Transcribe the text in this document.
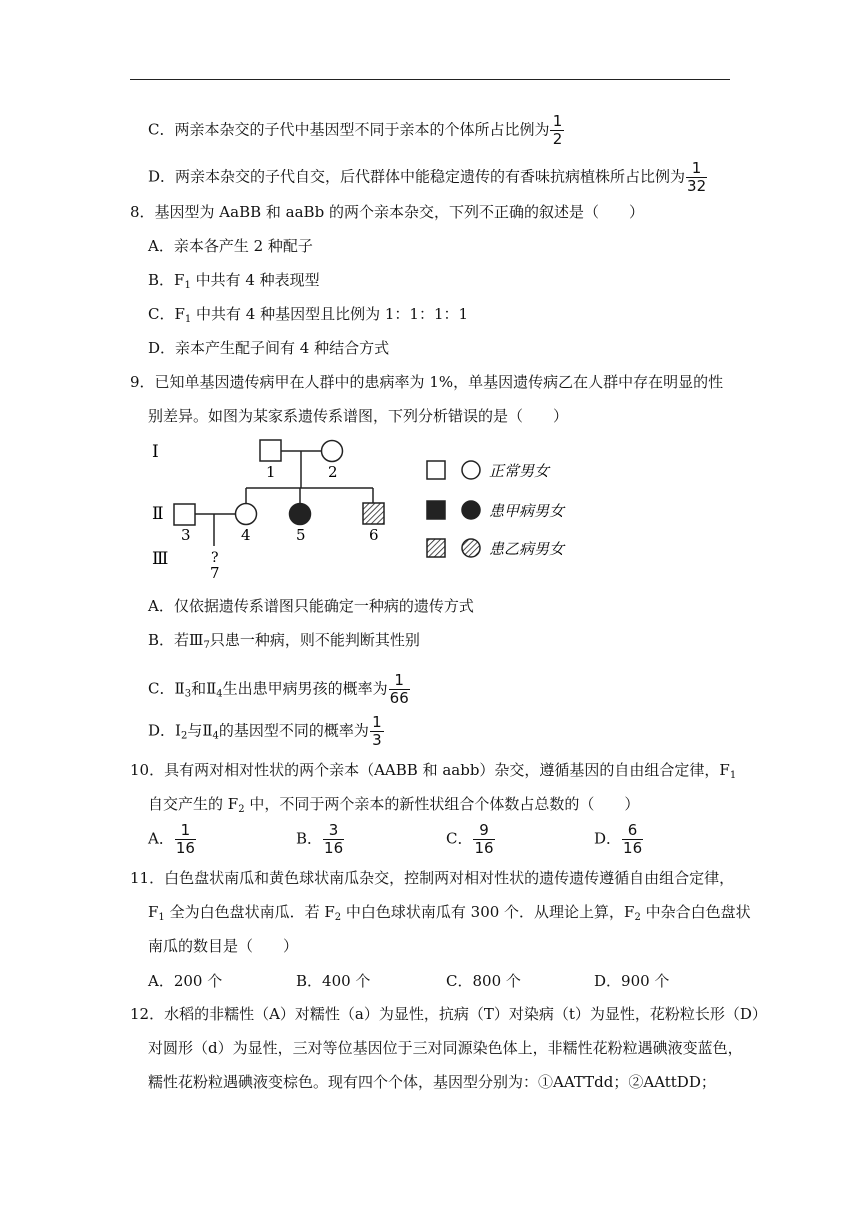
C．两亲本杂交的子代中基因型不同于亲本的个体所占比例为 $\frac{1}{2}$
D．两亲本杂交的子代自交，后代群体中能稳定遗传的有香味抗病植株所占比例为 $\frac{1}{32}$
8．基因型为 AaBB 和 aaBb 的两个亲本杂交，下列不正确的叙述是（　　）
A．亲本各产生 2 种配子
B．$F_1$ 中共有 4 种表现型
C．$F_1$ 中共有 4 种基因型且比例为 1：1：1：1
D．亲本产生配子间有 4 种结合方式
9．已知单基因遗传病甲在人群中的患病率为 1%，单基因遗传病乙在人群中存在明显的性
别差异。如图为某家系遗传系谱图，下列分析错误的是（　　）
Ⅰ
Ⅱ
Ⅲ
1	2
3	4	5	6
?
7
正常男女
患甲病男女
患乙病男女
A．仅依据遗传系谱图只能确定一种病的遗传方式
B．若$Ⅲ_7$只患一种病，则不能判断其性别
C．$Ⅱ_3$和$Ⅱ_4$生出患甲病男孩的概率为 $\frac{1}{66}$
D．$Ⅰ_2$与$Ⅱ_4$的基因型不同的概率为 $\frac{1}{3}$
10．具有两对相对性状的两个亲本（AABB 和 aabb）杂交，遵循基因的自由组合定律，$F_1$
自交产生的 $F_2$ 中，不同于两个亲本的新性状组合个体数占总数的（　　）
A． $\frac{1}{16}$	B． $\frac{3}{16}$	C． $\frac{9}{16}$	D． $\frac{6}{16}$
11．白色盘状南瓜和黄色球状南瓜杂交，控制两对相对性状的遗传遗传遵循自由组合定律，
$F_1$ 全为白色盘状南瓜．若 $F_2$ 中白色球状南瓜有 300 个．从理论上算，$F_2$ 中杂合白色盘状
南瓜的数目是（　　）
A．200 个	B．400 个	C．800 个	D．900 个
12．水稻的非糯性（A）对糯性（a）为显性，抗病（T）对染病（t）为显性，花粉粒长形（D）
对圆形（d）为显性，三对等位基因位于三对同源染色体上，非糯性花粉粒遇碘液变蓝色，
糯性花粉粒遇碘液变棕色。现有四个个体，基因型分别为：①AATTdd；②AAttDD；
